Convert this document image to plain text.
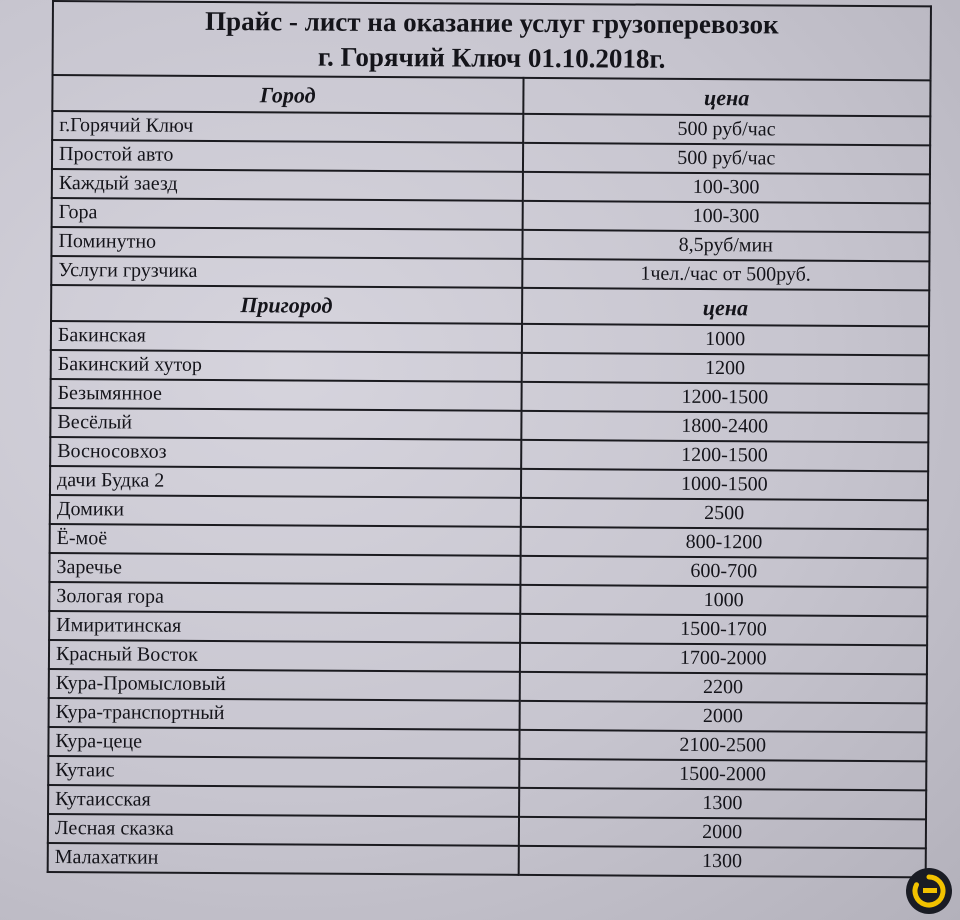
Прайс - лист на оказание услуг грузоперевозок
г. Горячий Ключ 01.10.2018г.
Город	цена
г.Горячий Ключ	500 руб/час
Простой авто	500 руб/час
Каждый заезд	100-300
Гора	100-300
Поминутно	8,5руб/мин
Услуги грузчика	1чел./час от 500руб.
Пригород	цена
Бакинская	1000
Бакинский хутор	1200
Безымянное	1200-1500
Весёлый	1800-2400
Восносовхоз	1200-1500
дачи Будка 2	1000-1500
Домики	2500
Ё-моё	800-1200
Заречье	600-700
Зологая гора	1000
Имиритинская	1500-1700
Красный Восток	1700-2000
Кура-Промысловый	2200
Кура-транспортный	2000
Кура-цеце	2100-2500
Кутаис	1500-2000
Кутаисская	1300
Лесная сказка	2000
Малахаткин	1300
